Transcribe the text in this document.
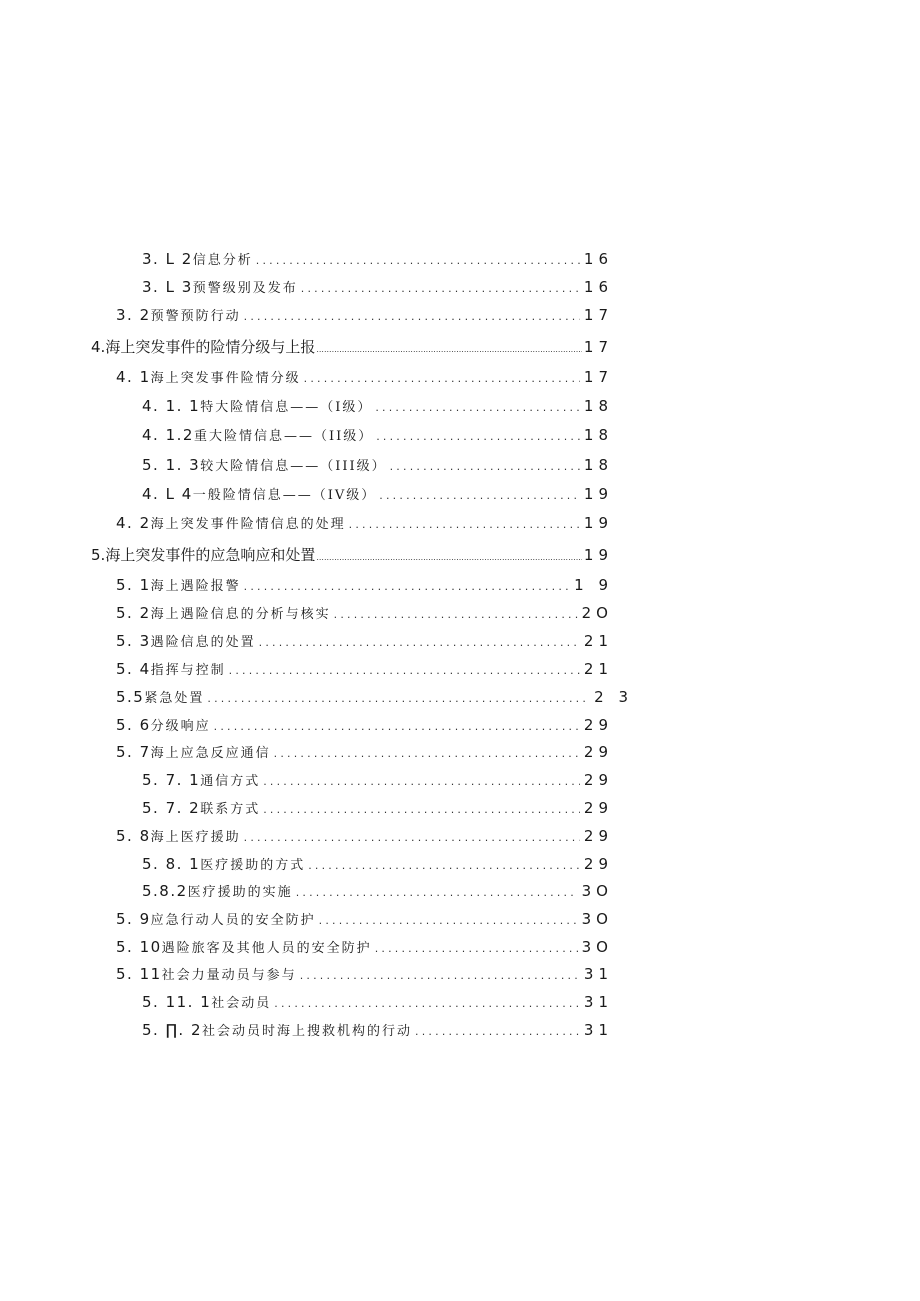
3. L 2 信息分析 .....	16
3. L 3 预警级别及发布 .....	16
3. 2 预警预防行动 .....	17
4. 海上突发事件的险情分级与上报 .....	17
4. 1 海上突发事件险情分级 .....	17
4. 1. 1 特大险情信息——（I级） .....	18
4. 1.2 重大险情信息——（II级） .....	18
5. 1. 3 较大险情信息——（III级） .....	18
4. L 4 一般险情信息——（IV级） .....	19
4. 2 海上突发事件险情信息的处理 .....	19
5. 海上突发事件的应急响应和处置 .....	19
5. 1 海上遇险报警 .....	1 9
5. 2 海上遇险信息的分析与核实 .....	2O
5. 3 遇险信息的处置 .....	21
5. 4 指挥与控制 .....	21
5.5 紧急处置 .....	2 3
5. 6 分级响应 .....	29
5. 7 海上应急反应通信 .....	29
5. 7. 1 通信方式 .....	29
5. 7. 2 联系方式 .....	29
5. 8 海上医疗援助 .....	29
5. 8. 1 医疗援助的方式 .....	29
5.8.2 医疗援助的实施 .....	3O
5. 9 应急行动人员的安全防护 .....	3O
5. 10 遇险旅客及其他人员的安全防护 .....	3O
5. 11 社会力量动员与参与 .....	31
5. 11. 1 社会动员 .....	31
5. ∏. 2 社会动员时海上搜救机构的行动 .....	31
